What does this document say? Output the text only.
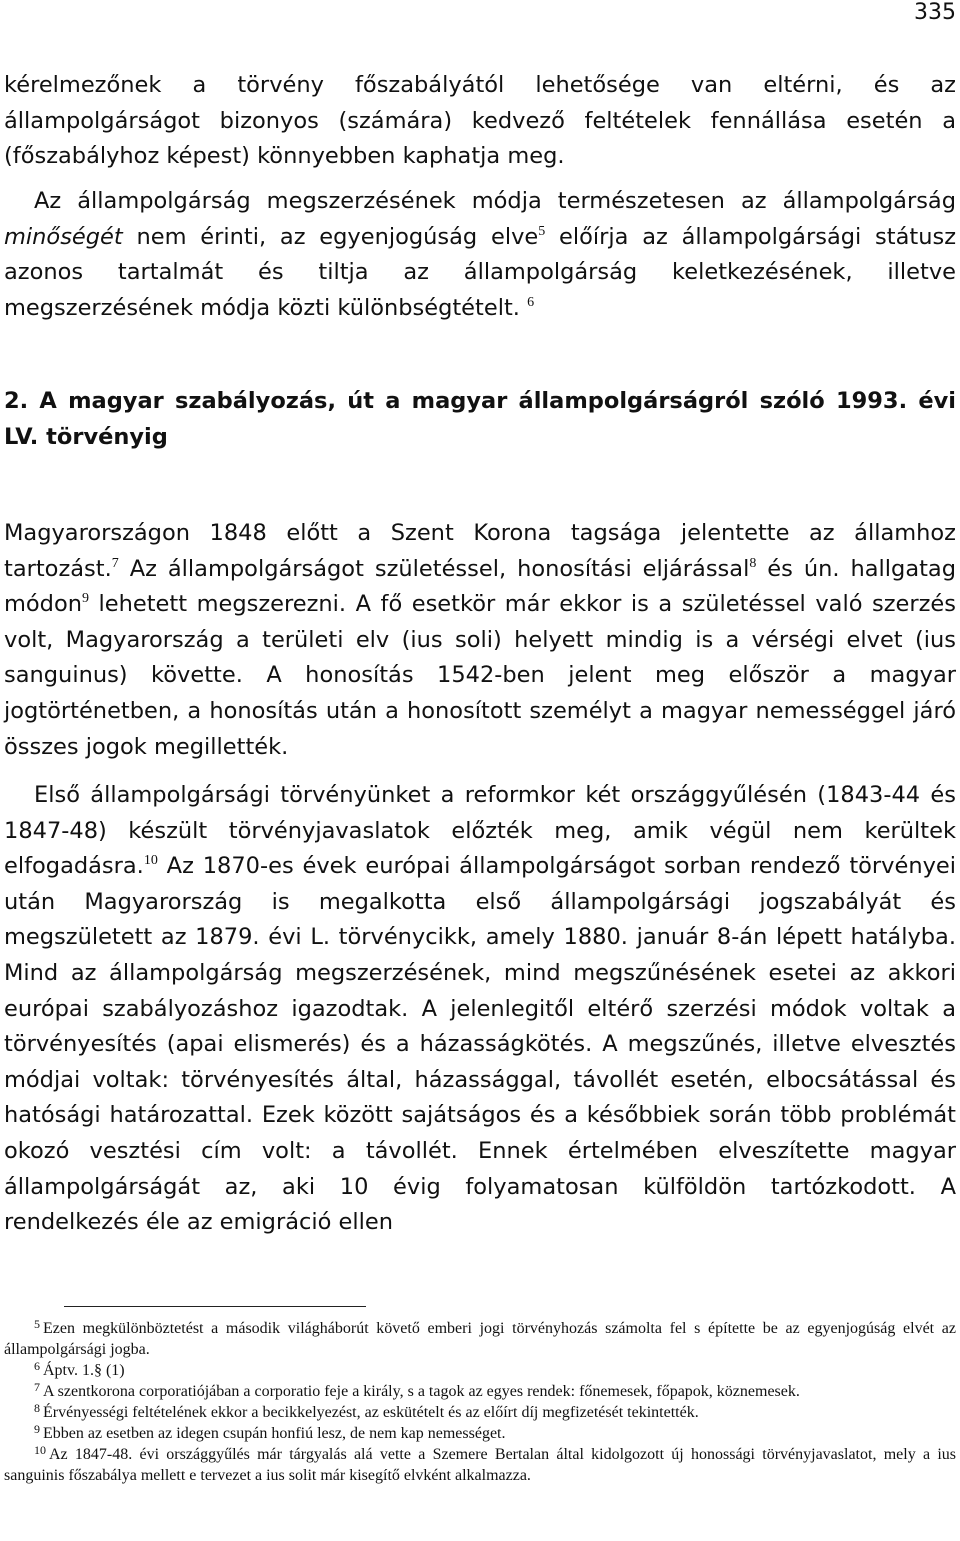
335

kérelmezőnek a törvény főszabályától lehetősége van eltérni, és az állampolgárságot bizonyos (számára) kedvező feltételek fennállása esetén a (főszabályhoz képest) könnyebben kaphatja meg.

Az állampolgárság megszerzésének módja természetesen az állampolgárság minőségét nem érinti, az egyenjogúság elve$^5$ előírja az állampolgársági státusz azonos tartalmát és tiltja az állampolgárság keletkezésének, illetve megszerzésének módja közti különbségtételt. $^6$

2. A magyar szabályozás, út a magyar állampolgárságról szóló 1993. évi LV. törvényig

Magyarországon 1848 előtt a Szent Korona tagsága jelentette az államhoz tartozást.$^7$ Az állampolgárságot születéssel, honosítási eljárással$^8$ és ún. hallgatag módon$^9$ lehetett megszerezni. A fő esetkör már ekkor is a születéssel való szerzés volt, Magyarország a területi elv (ius soli) helyett mindig is a vérségi elvet (ius sanguinus) követte. A honosítás 1542-ben jelent meg először a magyar jogtörténetben, a honosítás után a honosított személyt a magyar nemességgel járó összes jogok megillették.

Első állampolgársági törvényünket a reformkor két országgyűlésén (1843-44 és 1847-48) készült törvényjavaslatok előzték meg, amik végül nem kerültek elfogadásra.$^{10}$ Az 1870-es évek európai állampolgárságot sorban rendező törvényei után Magyarország is megalkotta első állampolgársági jogszabályát és megszületett az 1879. évi L. törvénycikk, amely 1880. január 8-án lépett hatályba. Mind az állampolgárság megszerzésének, mind megszűnésének esetei az akkori európai szabályozáshoz igazodtak. A jelenlegitől eltérő szerzési módok voltak a törvényesítés (apai elismerés) és a házasságkötés. A megszűnés, illetve elvesztés módjai voltak: törvényesítés által, házassággal, távollét esetén, elbocsátással és hatósági határozattal. Ezek között sajátságos és a későbbiek során több problémát okozó vesztési cím volt: a távollét. Ennek értelmében elveszítette magyar állampolgárságát az, aki 10 évig folyamatosan külföldön tartózkodott. A rendelkezés éle az emigráció ellen

$^5$ Ezen megkülönböztetést a második világháborút követő emberi jogi törvényhozás számolta fel s építette be az egyenjogúság elvét az állampolgársági jogba.

$^6$ Áptv. 1.§ (1)

$^7$ A szentkorona corporatiójában a corporatio feje a király, s a tagok az egyes rendek: főnemesek, főpapok, köznemesek.

$^8$ Érvényességi feltételének ekkor a becikkelyezést, az eskütételt és az előírt díj megfizetését tekintették.

$^9$ Ebben az esetben az idegen csupán honfiú lesz, de nem kap nemességet.

$^{10}$ Az 1847-48. évi országgyűlés már tárgyalás alá vette a Szemere Bertalan által kidolgozott új honossági törvényjavaslatot, mely a ius sanguinis főszabálya mellett e tervezet a ius solit már kisegítő elvként alkalmazza.
